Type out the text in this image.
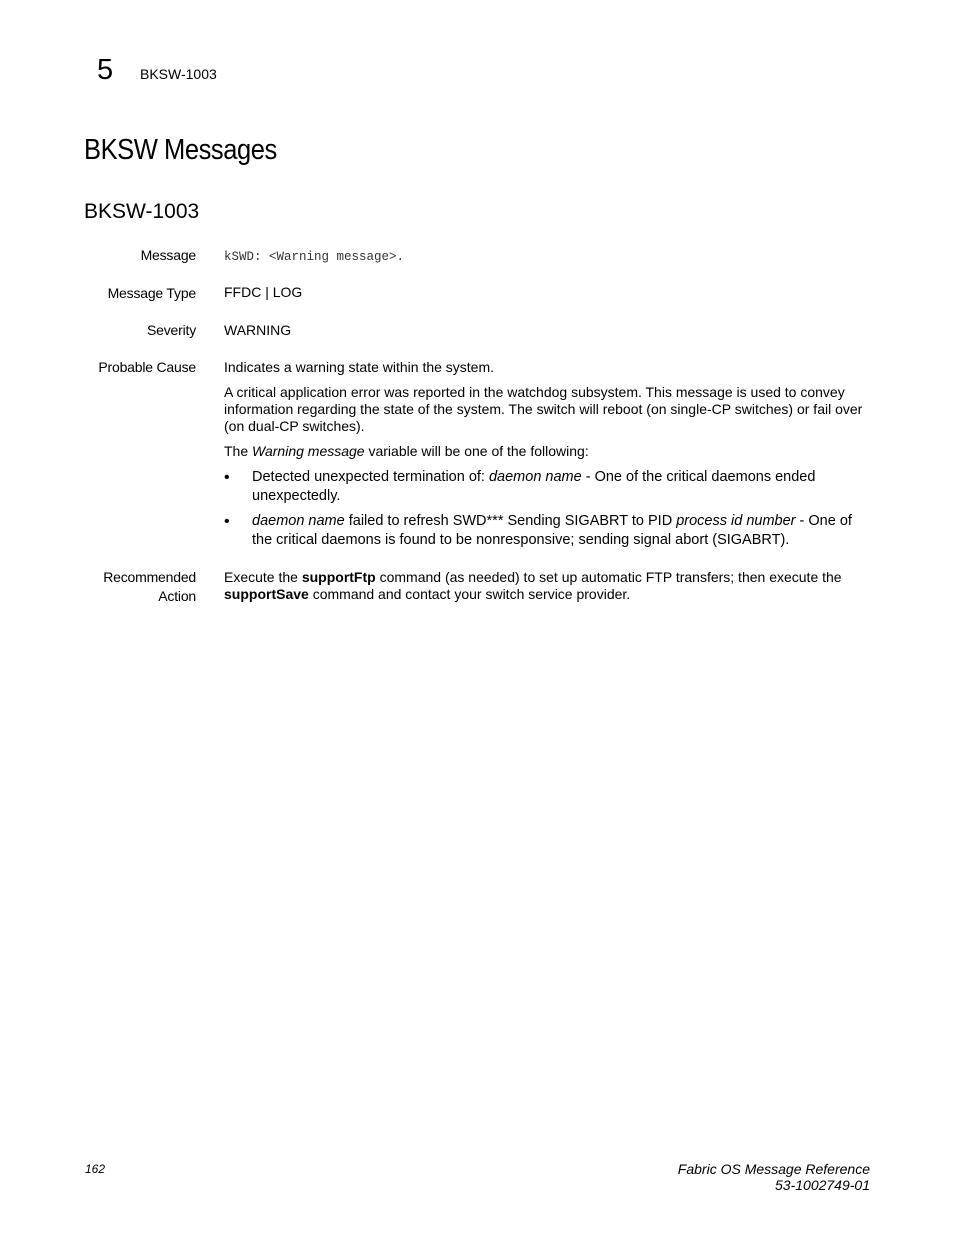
5 BKSW-1003
BKSW Messages
BKSW-1003
Message kSWD: <Warning message>.
Message Type FFDC | LOG
Severity WARNING
Probable Cause Indicates a warning state within the system.

A critical application error was reported in the watchdog subsystem. This message is used to convey information regarding the state of the system. The switch will reboot (on single-CP switches) or fail over (on dual-CP switches).

The Warning message variable will be one of the following:

• Detected unexpected termination of: daemon name - One of the critical daemons ended unexpectedly.
• daemon name failed to refresh SWD*** Sending SIGABRT to PID process id number - One of the critical daemons is found to be nonresponsive; sending signal abort (SIGABRT).
Recommended
Action
Execute the supportFtp command (as needed) to set up automatic FTP transfers; then execute the supportSave command and contact your switch service provider.
162	Fabric OS Message Reference
53-1002749-01
